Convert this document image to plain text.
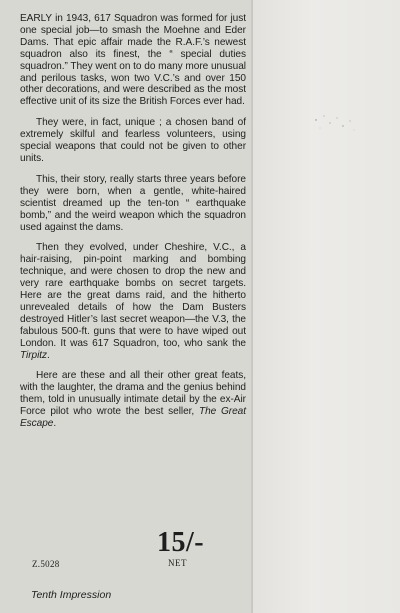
EARLY in 1943, 617 Squadron was formed for just one special job—to smash the Moehne and Eder Dams. That epic affair made the R.A.F.’s newest squadron also its finest, the “ special duties squadron.” They went on to do many more unusual and perilous tasks, won two V.C.’s and over 150 other decorations, and were described as the most effective unit of its size the British Forces ever had.

They were, in fact, unique ; a chosen band of extremely skilful and fearless volunteers, using special weapons that could not be given to other units.

This, their story, really starts three years before they were born, when a gentle, white-haired scientist dreamed up the ten-ton “ earthquake bomb,” and the weird weapon which the squadron used against the dams.

Then they evolved, under Cheshire, V.C., a hair-raising, pin-point marking and bombing technique, and were chosen to drop the new and very rare earthquake bombs on secret targets. Here are the great dams raid, and the hitherto unrevealed details of how the Dam Busters destroyed Hitler’s last secret weapon—the V.3, the fabulous 500-ft. guns that were to have wiped out London. It was 617 Squadron, too, who sank the Tirpitz.

Here are these and all their other great feats, with the laughter, the drama and the genius behind them, told in unusually intimate detail by the ex-Air Force pilot who wrote the best seller, The Great Escape.

15/-
NET
Z.5028
Tenth Impression
